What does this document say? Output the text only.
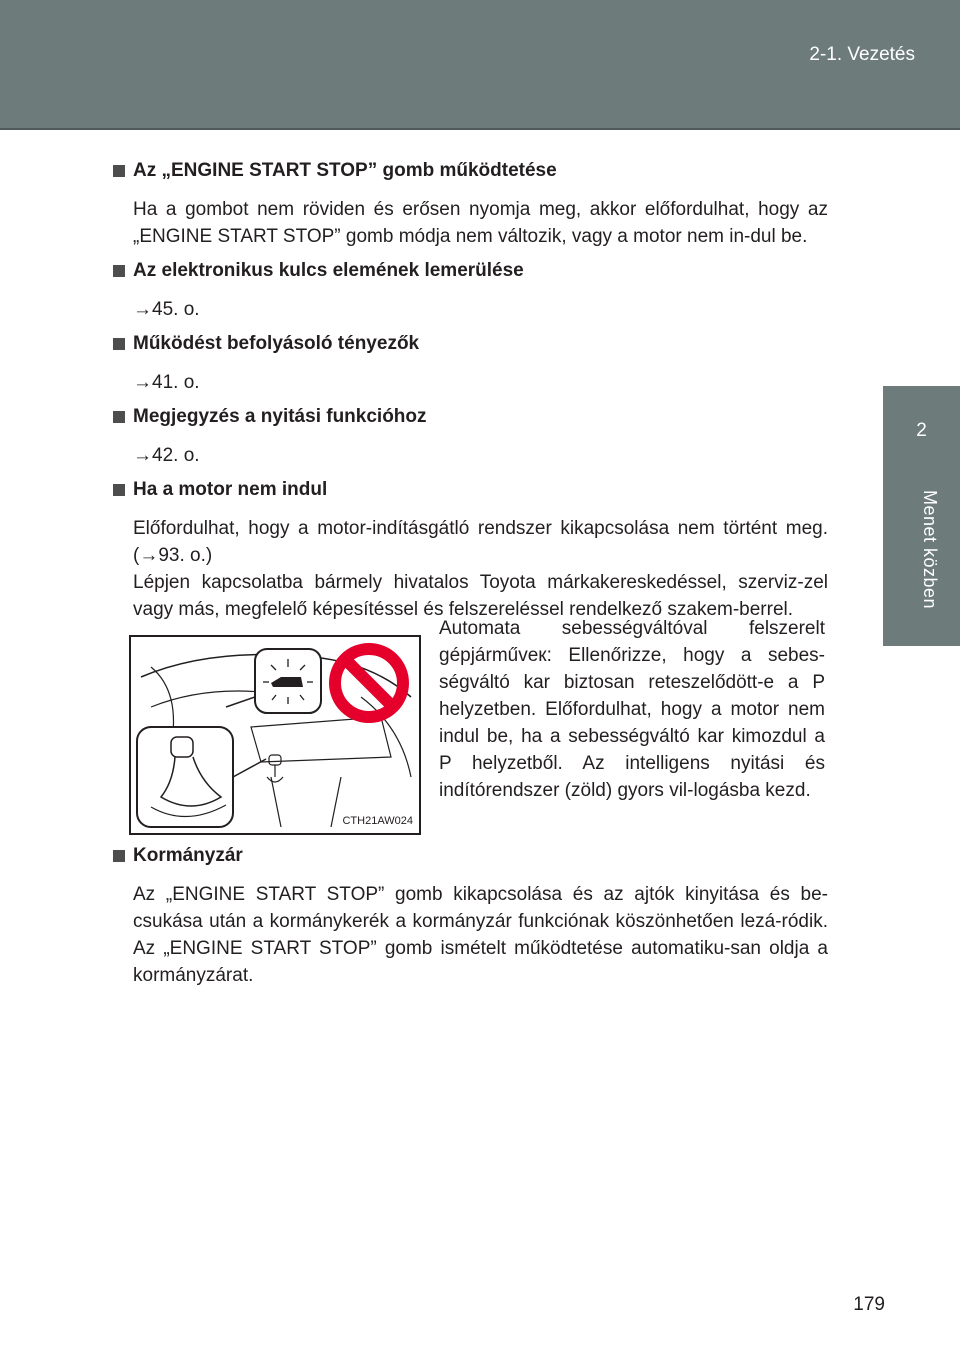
2-1. Vezetés
2
Menet közben

Az „ENGINE START STOP” gomb működtetése

Ha a gombot nem röviden és erősen nyomja meg, akkor előfordulhat, hogy az „ENGINE START STOP” gomb módja nem változik, vagy a motor nem in-dul be.

Az elektronikus kulcs elemének lemerülése

→45. o.

Működést befolyásoló tényezők

→41. o.

Megjegyzés a nyitási funkcióhoz

→42. o.

Ha a motor nem indul

Előfordulhat, hogy a motor-indításgátló rendszer kikapcsolása nem történt meg. (→93. o.)

Lépjen kapcsolatba bármely hivatalos Toyota márkakereskedéssel, szerviz-zel vagy más, megfelelő képesítéssel és felszereléssel rendelkező szakem-berrel.

CTH21AW024
Automata sebességváltóval felszerelt gépjárműveк: Ellenőrizze, hogy a sebes-ségváltó kar biztosan reteszelődött-e a P helyzetben. Előfordulhat, hogy a motor nem indul be, ha a sebességváltó kar kimozdul a P helyzetből. Az intelligens nyitási és indítórendszer (zöld) gyors vil-logásba kezd.

Kormányzár

Az „ENGINE START STOP” gomb kikapcsolása és az ajtók kinyitása és be-csukása után a kormánykerék a kormányzár funkciónak köszönhetően lezá-ródik. Az „ENGINE START STOP” gomb ismételt működtetése automatiku-san oldja a kormányzárat.

179
